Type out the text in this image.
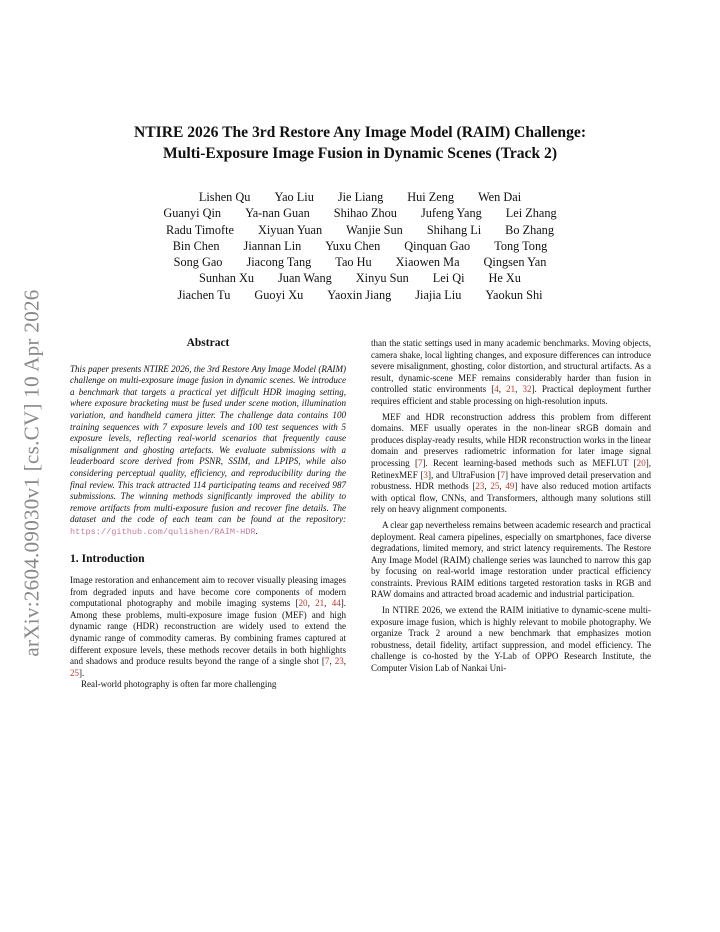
arXiv:2604.09030v1 [cs.CV] 10 Apr 2026
NTIRE 2026 The 3rd Restore Any Image Model (RAIM) Challenge:
Multi-Exposure Image Fusion in Dynamic Scenes (Track 2)
Lishen Qu Yao Liu Jie Liang Hui Zeng Wen Dai
Guanyi Qin Ya-nan Guan Shihao Zhou Jufeng Yang Lei Zhang
Radu Timofte Xiyuan Yuan Wanjie Sun Shihang Li Bo Zhang
Bin Chen Jiannan Lin Yuxu Chen Qinquan Gao Tong Tong
Song Gao Jiacong Tang Tao Hu Xiaowen Ma Qingsen Yan
Sunhan Xu Juan Wang Xinyu Sun Lei Qi He Xu
Jiachen Tu Guoyi Xu Yaoxin Jiang Jiajia Liu Yaokun Shi
Abstract

This paper presents NTIRE 2026, the 3rd Restore Any Image Model (RAIM) challenge on multi-exposure image fusion in dynamic scenes. We introduce a benchmark that targets a practical yet difficult HDR imaging setting, where exposure bracketing must be fused under scene motion, illumination variation, and handheld camera jitter. The challenge data contains 100 training sequences with 7 exposure levels and 100 test sequences with 5 exposure levels, reflecting real-world scenarios that frequently cause misalignment and ghosting artefacts. We evaluate submissions with a leaderboard score derived from PSNR, SSIM, and LPIPS, while also considering perceptual quality, efficiency, and reproducibility during the final review. This track attracted 114 participating teams and received 987 submissions. The winning methods significantly improved the ability to remove artifacts from multi-exposure fusion and recover fine details. The dataset and the code of each team can be found at the repository: https://github.com/qulishen/RAIM-HDR.

1. Introduction

Image restoration and enhancement aim to recover visually pleasing images from degraded inputs and have become core components of modern computational photography and mobile imaging systems [20, 21, 44]. Among these problems, multi-exposure image fusion (MEF) and high dynamic range (HDR) reconstruction are widely used to extend the dynamic range of commodity cameras. By combining frames captured at different exposure levels, these methods recover details in both highlights and shadows and produce results beyond the range of a single shot [7, 23, 25].

Real-world photography is often far more challenging

than the static settings used in many academic benchmarks. Moving objects, camera shake, local lighting changes, and exposure differences can introduce severe misalignment, ghosting, color distortion, and structural artifacts. As a result, dynamic-scene MEF remains considerably harder than fusion in controlled static environments [4, 21, 32]. Practical deployment further requires efficient and stable processing on high-resolution inputs.

MEF and HDR reconstruction address this problem from different domains. MEF usually operates in the non-linear sRGB domain and produces display-ready results, while HDR reconstruction works in the linear domain and preserves radiometric information for later image signal processing [7]. Recent learning-based methods such as MEFLUT [20], RetinexMEF [3], and UltraFusion [7] have improved detail preservation and robustness. HDR methods [23, 25, 49] have also reduced motion artifacts with optical flow, CNNs, and Transformers, although many solutions still rely on heavy alignment components.

A clear gap nevertheless remains between academic research and practical deployment. Real camera pipelines, especially on smartphones, face diverse degradations, limited memory, and strict latency requirements. The Restore Any Image Model (RAIM) challenge series was launched to narrow this gap by focusing on real-world image restoration under practical efficiency constraints. Previous RAIM editions targeted restoration tasks in RGB and RAW domains and attracted broad academic and industrial participation.

In NTIRE 2026, we extend the RAIM initiative to dynamic-scene multi-exposure image fusion, which is highly relevant to mobile photography. We organize Track 2 around a new benchmark that emphasizes motion robustness, detail fidelity, artifact suppression, and model efficiency. The challenge is co-hosted by the Y-Lab of OPPO Research Institute, the Computer Vision Lab of Nankai Uni-
